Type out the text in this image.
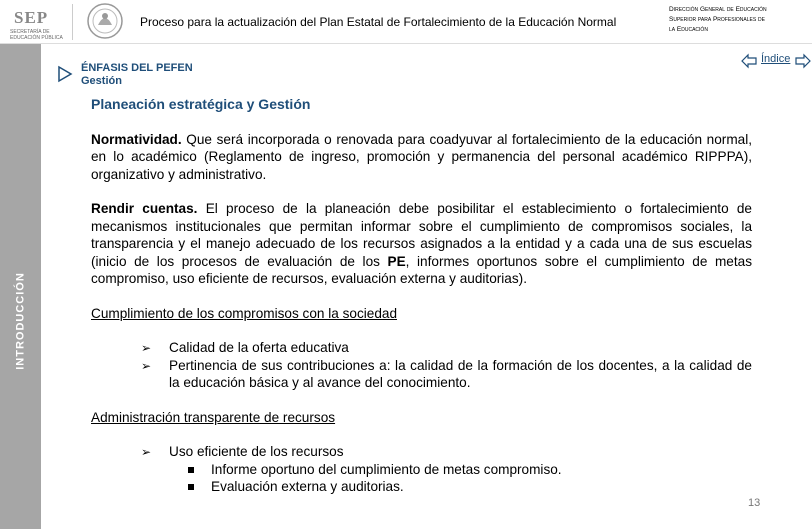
SEP
SECRETARÍA DE EDUCACIÓN PÚBLICA
Proceso para la actualización del Plan Estatal de Fortalecimiento de la Educación Normal
Dirección General de Educación
Superior para Profesionales de
la Educación
INTRODUCCIÓN
ÉNFASIS DEL PEFEN
Gestión
Índice
Planeación estratégica y Gestión
Normatividad. Que será incorporada o renovada para coadyuvar al fortalecimiento de la educación normal, en lo académico (Reglamento de ingreso, promoción y permanencia del personal académico RIPPPA), organizativo y administrativo.
Rendir cuentas. El proceso de la planeación debe posibilitar el establecimiento o fortalecimiento de mecanismos institucionales que permitan informar sobre el cumplimiento de compromisos sociales, la transparencia y el manejo adecuado de los recursos asignados a la entidad y a cada una de sus escuelas (inicio de los procesos de evaluación de los PE, informes oportunos sobre el cumplimiento de metas compromiso, uso eficiente de recursos, evaluación externa y auditorias).
Cumplimiento de los compromisos con la sociedad
➢ Calidad de la oferta educativa
➢ Pertinencia de sus contribuciones a: la calidad de la formación de los docentes, a la calidad de la educación básica y al avance del conocimiento.
Administración transparente de recursos
➢ Uso eficiente de los recursos
Informe oportuno del cumplimiento de metas compromiso.
Evaluación externa y auditorias.
13
